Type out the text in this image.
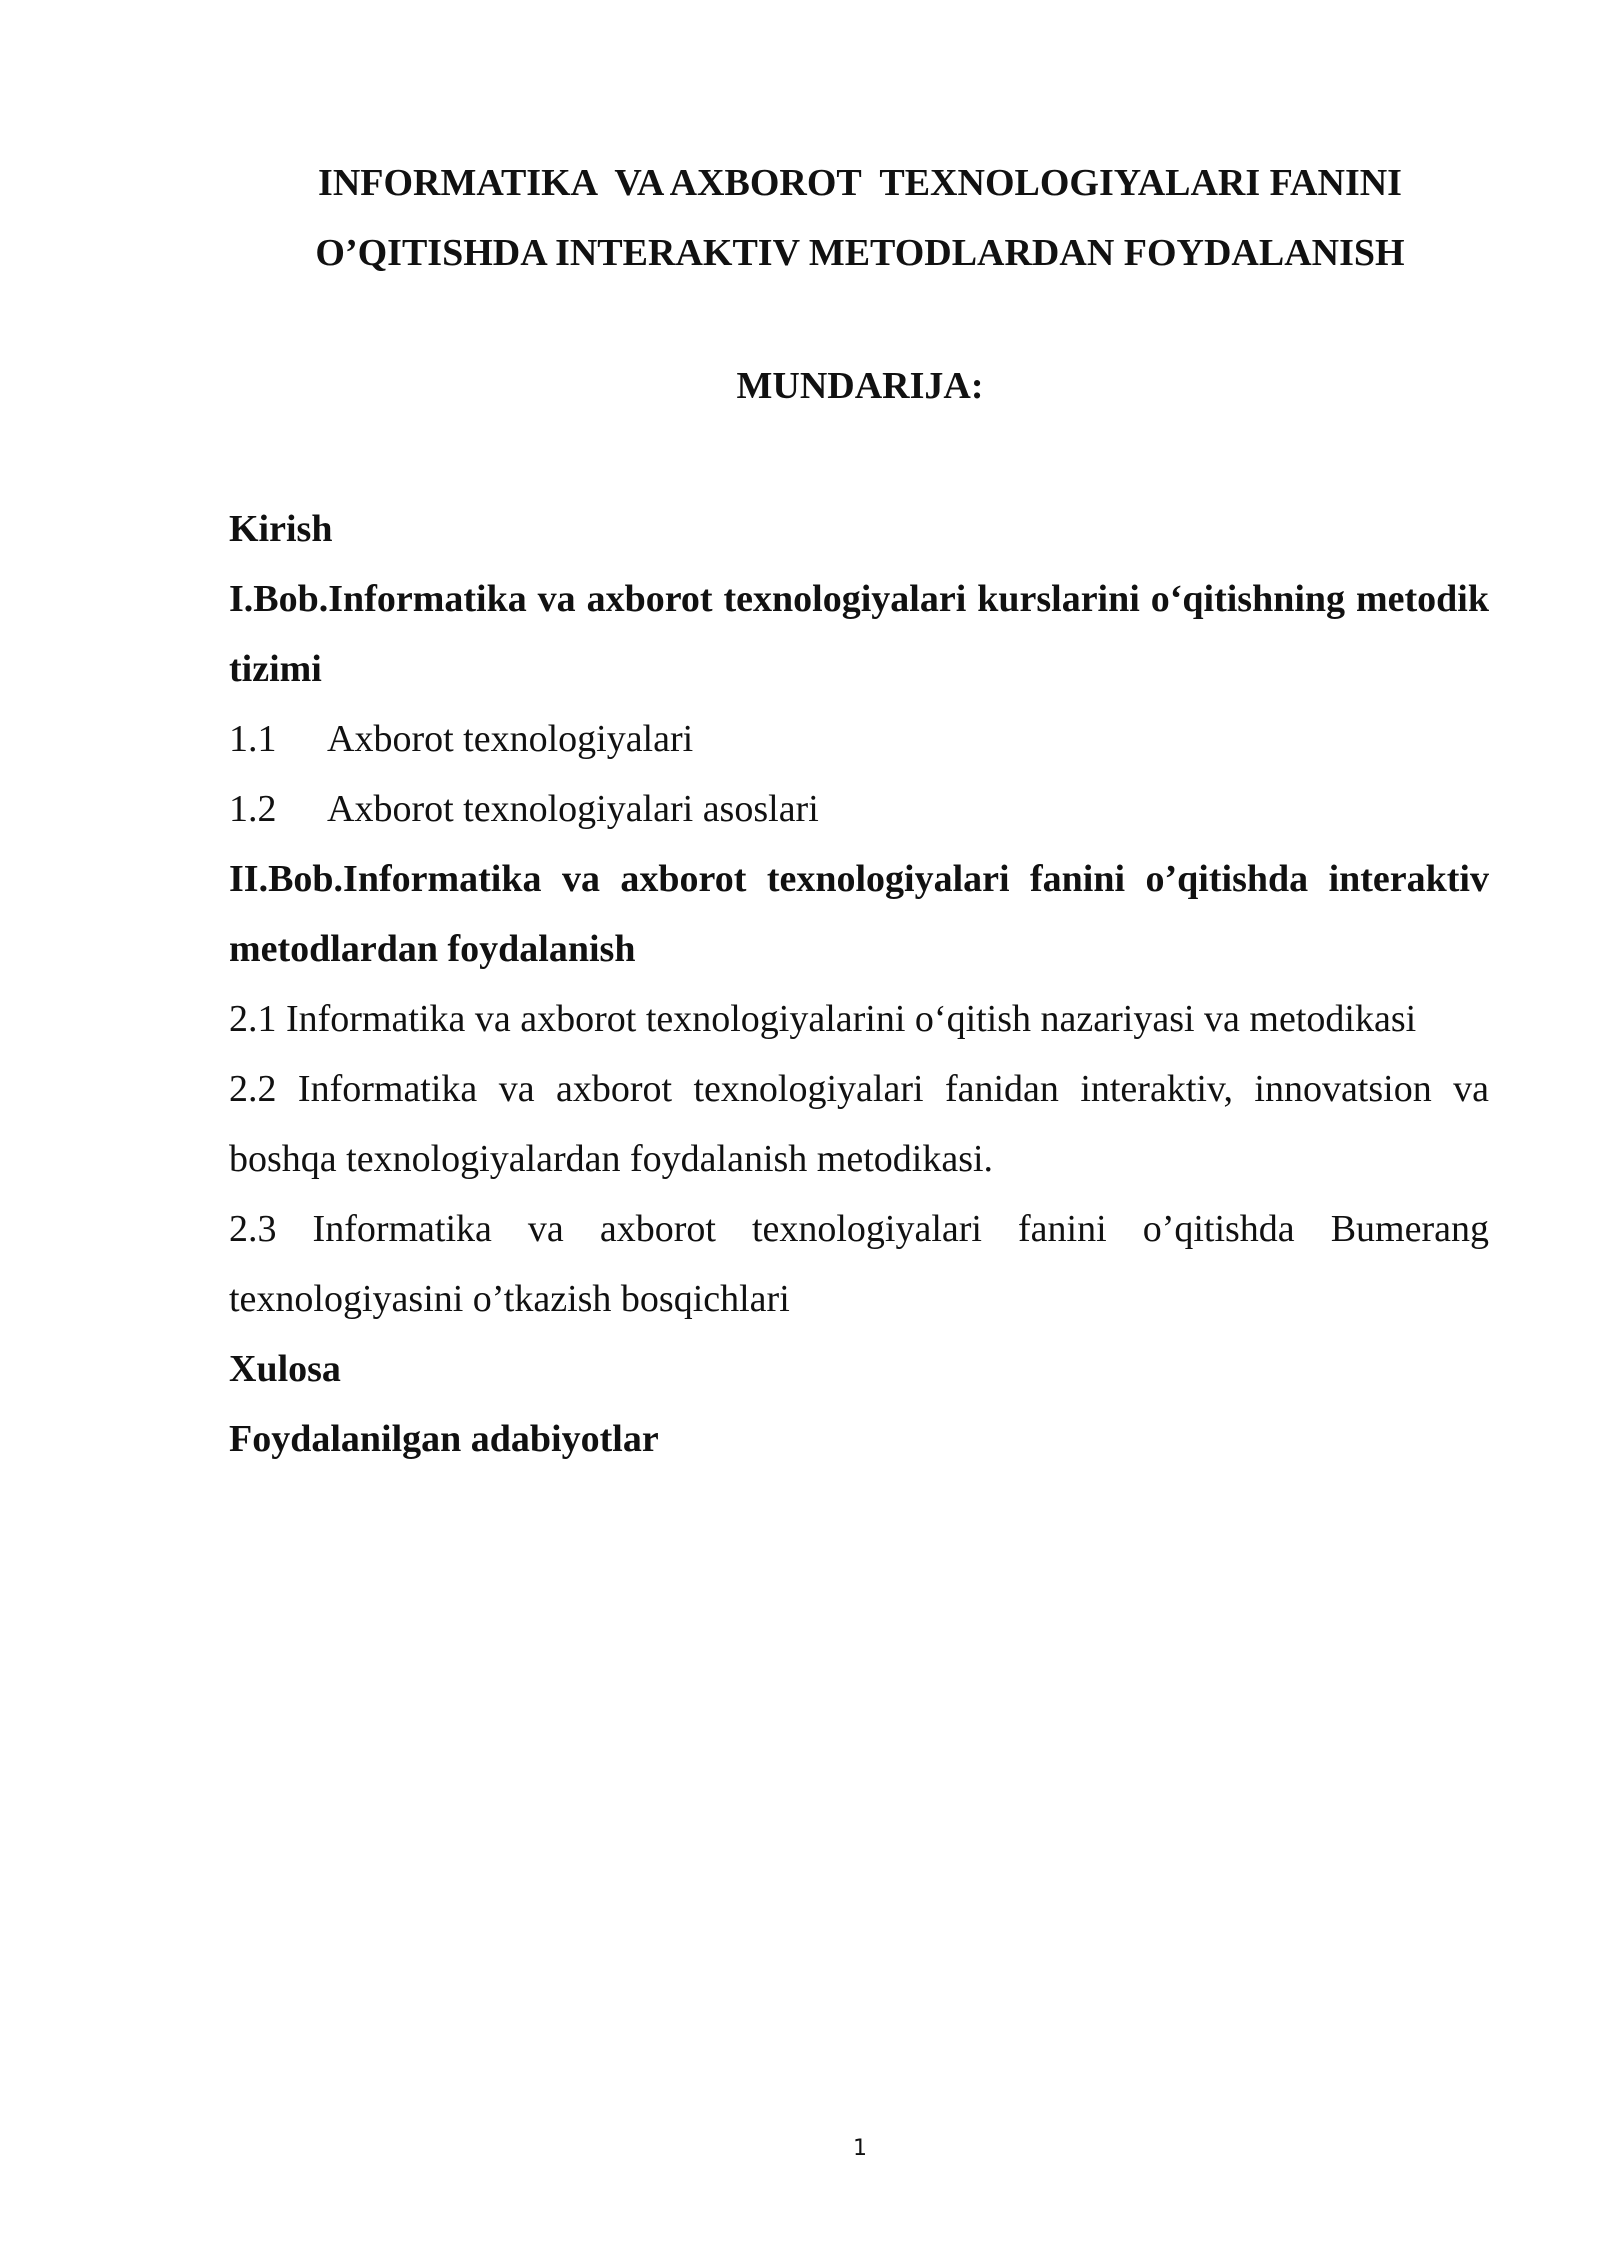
INFORMATIKA  VA AXBOROT  TEXNOLOGIYALARI FANINI
O’QITISHDA INTERAKTIV METODLARDAN FOYDALANISH
MUNDARIJA:
Kirish
I.Bob.Informatika va axborot texnologiyalari kurslarini o‘qitishning metodik tizimi
1.1	Axborot texnologiyalari
1.2	Axborot texnologiyalari asoslari
II.Bob.Informatika va axborot texnologiyalari fanini o’qitishda interaktiv metodlardan foydalanish
2.1 Informatika va axborot texnologiyalarini o‘qitish nazariyasi va metodikasi
2.2 Informatika va axborot texnologiyalari fanidan interaktiv, innovatsion va boshqa texnologiyalardan foydalanish metodikasi.
2.3 Informatika va axborot texnologiyalari fanini o’qitishda Bumerang texnologiyasini o’tkazish bosqichlari
Xulosa
Foydalanilgan adabiyotlar
1
